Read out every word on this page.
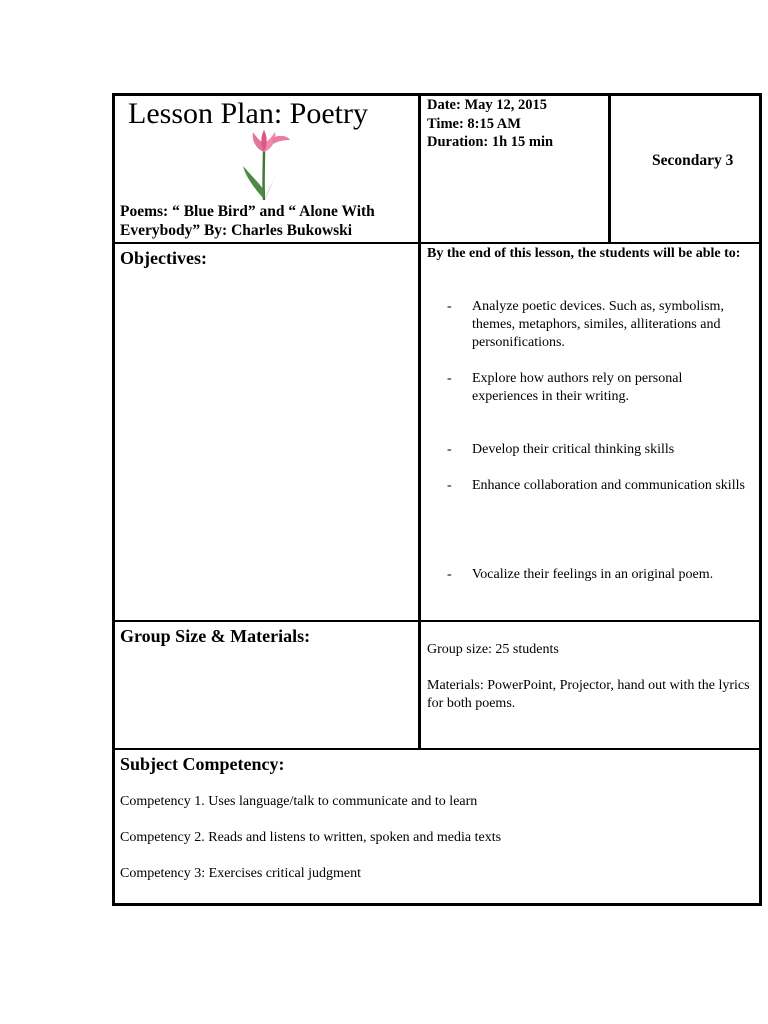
Lesson Plan: Poetry
Poems: “ Blue Bird” and “ Alone With Everybody” By: Charles Bukowski
Date: May 12, 2015
Time: 8:15 AM
Duration: 1h 15 min
Secondary 3
Objectives:	By the end of this lesson, the students will be able to:
- Analyze poetic devices. Such as, symbolism, themes, metaphors, similes, alliterations and personifications.
- Explore how authors rely on personal experiences in their writing.
- Develop their critical thinking skills
- Enhance collaboration and communication skills
- Vocalize their feelings in an original poem.
Group Size & Materials:
Group size: 25 students
Materials: PowerPoint, Projector, hand out with the lyrics for both poems.
Subject Competency:
Competency 1. Uses language/talk to communicate and to learn
Competency 2. Reads and listens to written, spoken and media texts
Competency 3: Exercises critical judgment
